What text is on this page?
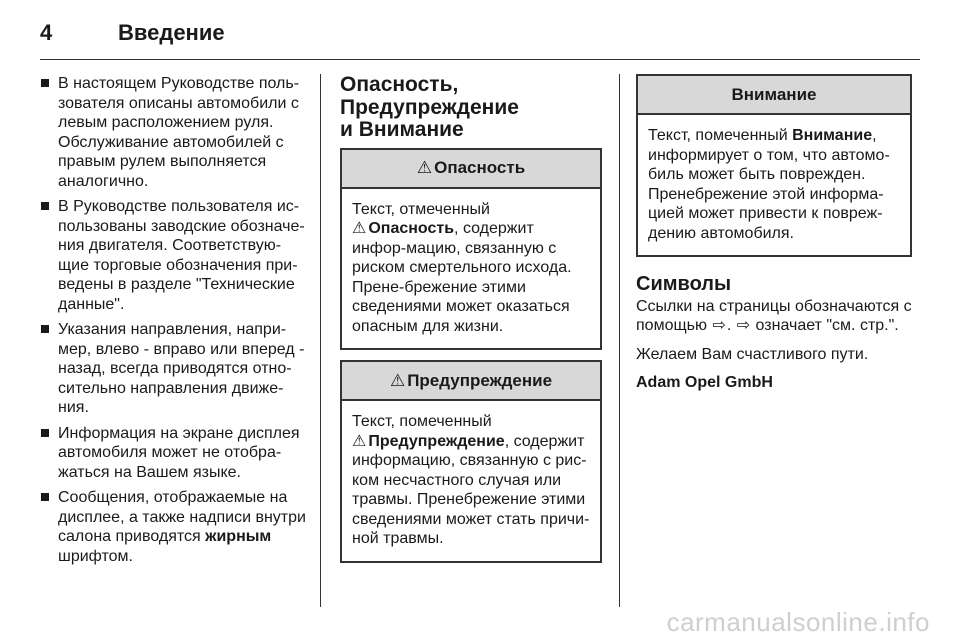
4	Введение
В настоящем Руководстве поль-зователя описаны автомобили с левым расположением руля. Обслуживание автомобилей с правым рулем выполняется аналогично.
В Руководстве пользователя ис-пользованы заводские обозначе-ния двигателя. Соответствую-щие торговые обозначения при-ведены в разделе "Технические данные".
Указания направления, напри-мер, влево - вправо или вперед - назад, всегда приводятся отно-сительно направления движе-ния.
Информация на экране дисплея автомобиля может не отобра-жаться на Вашем языке.
Сообщения, отображаемые на дисплее, а также надписи внутри салона приводятся жирным шрифтом.
Опасность,
Предупреждение
и Внимание
⚠ Опасность
Текст, отмеченный
⚠ Опасность, содержит инфор-мацию, связанную с риском смертельного исхода. Прене-брежение этими сведениями может оказаться опасным для жизни.
⚠ Предупреждение
Текст, помеченный
⚠ Предупреждение, содержит информацию, связанную с рис-ком несчастного случая или травмы. Пренебрежение этими сведениями может стать причи-ной травмы.
Внимание
Текст, помеченный Внимание, информирует о том, что автомо-биль может быть поврежден. Пренебрежение этой информа-цией может привести к повреж-дению автомобиля.
Символы
Ссылки на страницы обозначаются с помощью ⇨. ⇨ означает "см. стр.".
Желаем Вам счастливого пути.
Adam Opel GmbH
carmanualsonline.info
